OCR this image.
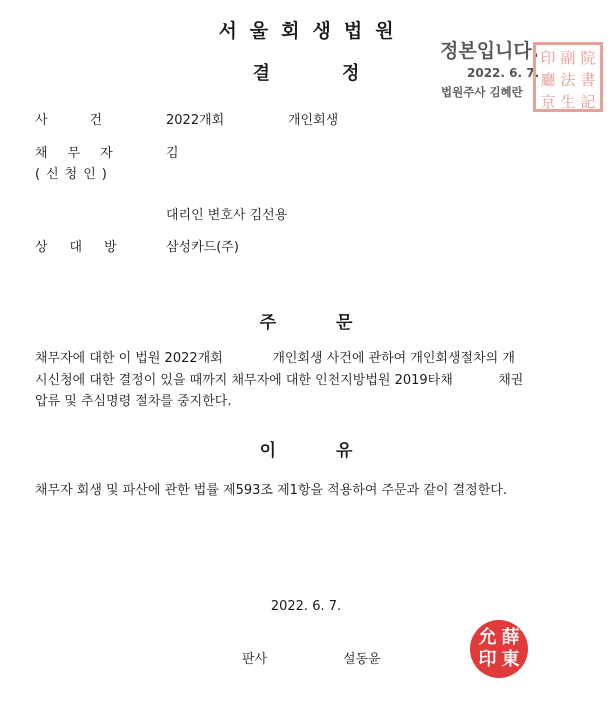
서울회생법원
결정
정본입니다.
2022. 6. 7.
법원주사 김혜란
印 副 院
廳 法 書
京 生 記
사건 2022개회	개인회생
채무자	김
(신청인)
대리인 변호사 김선용
상대방 삼성카드(주)
주문
채무자에 대한 이 법원 2022개회            개인회생 사건에 관하여 개인회생절차의 개
시신청에 대한 결정이 있을 때까지 채무자에 대한 인천지방법원 2019타채           채권
압류 및 추심명령 절차를 중지한다.
이유
채무자 회생 및 파산에 관한 법률 제593조 제1항을 적용하여 주문과 같이 결정한다.
2022. 6. 7.
판사	설동윤
允 薛
印 東
